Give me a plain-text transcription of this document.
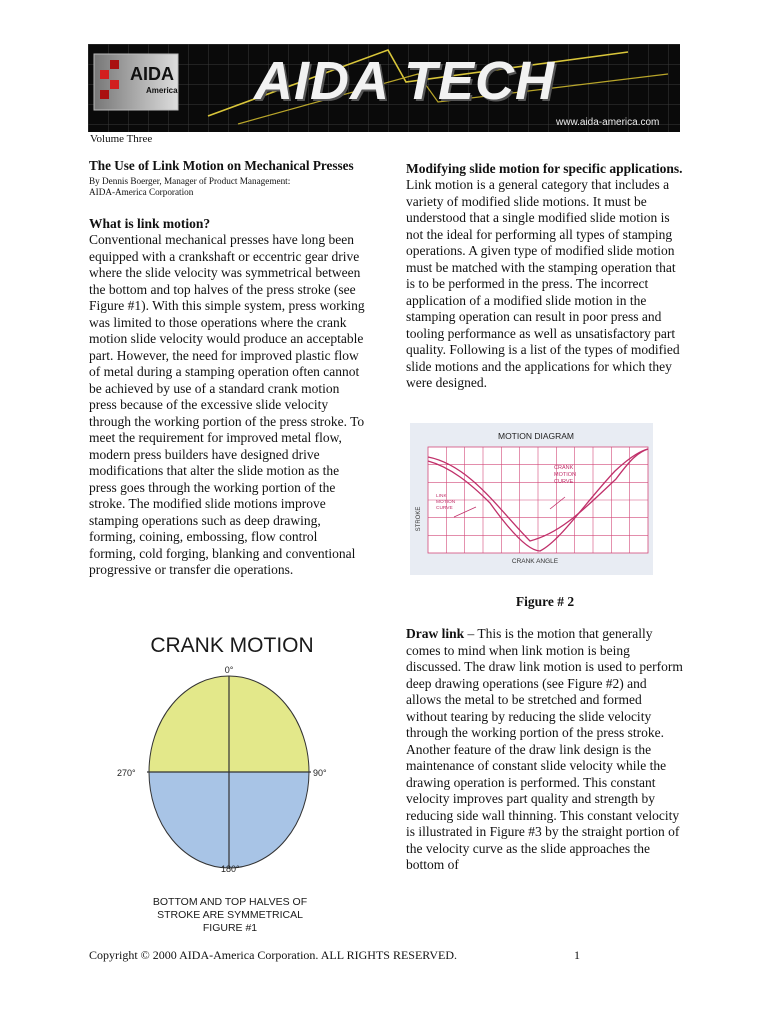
AIDA
America AIDA TECH
www.aida-america.com
Volume Three

The Use of Link Motion on Mechanical Presses

By Dennis Boerger, Manager of Product Management:

AIDA-America Corporation

What is link motion?

Conventional mechanical presses have long been equipped with a crankshaft or eccentric gear drive where the slide velocity was symmetrical between the bottom and top halves of the press stroke (see Figure #1). With this simple system, press working was limited to those operations where the crank motion slide velocity would produce an acceptable part. However, the need for improved plastic flow of metal during a stamping operation often cannot be achieved by use of a standard crank motion press because of the excessive slide velocity through the working portion of the press stroke. To meet the requirement for improved metal flow, modern press builders have designed drive modifications that alter the slide motion as the press goes through the working portion of the stroke. The modified slide motions improve stamping operations such as deep drawing, forming, coining, embossing, flow control forming, cold forging, blanking and conventional progressive or transfer die operations.

CRANK MOTION
0°
270°	90°
180°
BOTTOM AND TOP HALVES OF
STROKE ARE SYMMETRICAL
FIGURE #1

Modifying slide motion for specific applications.

Link motion is a general category that includes a variety of modified slide motions. It must be understood that a single modified slide motion is not the ideal for performing all types of stamping operations. A given type of modified slide motion must be matched with the stamping operation that is to be performed in the press. The incorrect application of a modified slide motion in the stamping operation can result in poor press and tooling performance as well as unsatisfactory part quality. Following is a list of the types of modified slide motions and the applications for which they were designed.

MOTION DIAGRAM
STROKE
CRANK ANGLE
CRANK
MOTION
CURVE
LINK
MOTION
CURVE
Figure # 2

Draw link – This is the motion that generally comes to mind when link motion is being discussed. The draw link motion is used to perform deep drawing operations (see Figure #2) and allows the metal to be stretched and formed without tearing by reducing the slide velocity through the working portion of the press stroke. Another feature of the draw link design is the maintenance of constant slide velocity while the drawing operation is performed. This constant velocity improves part quality and strength by reducing side wall thinning. This constant velocity is illustrated in Figure #3 by the straight portion of the velocity curve as the slide approaches the bottom of

Copyright © 2000 AIDA-America Corporation. ALL RIGHTS RESERVED.	1
